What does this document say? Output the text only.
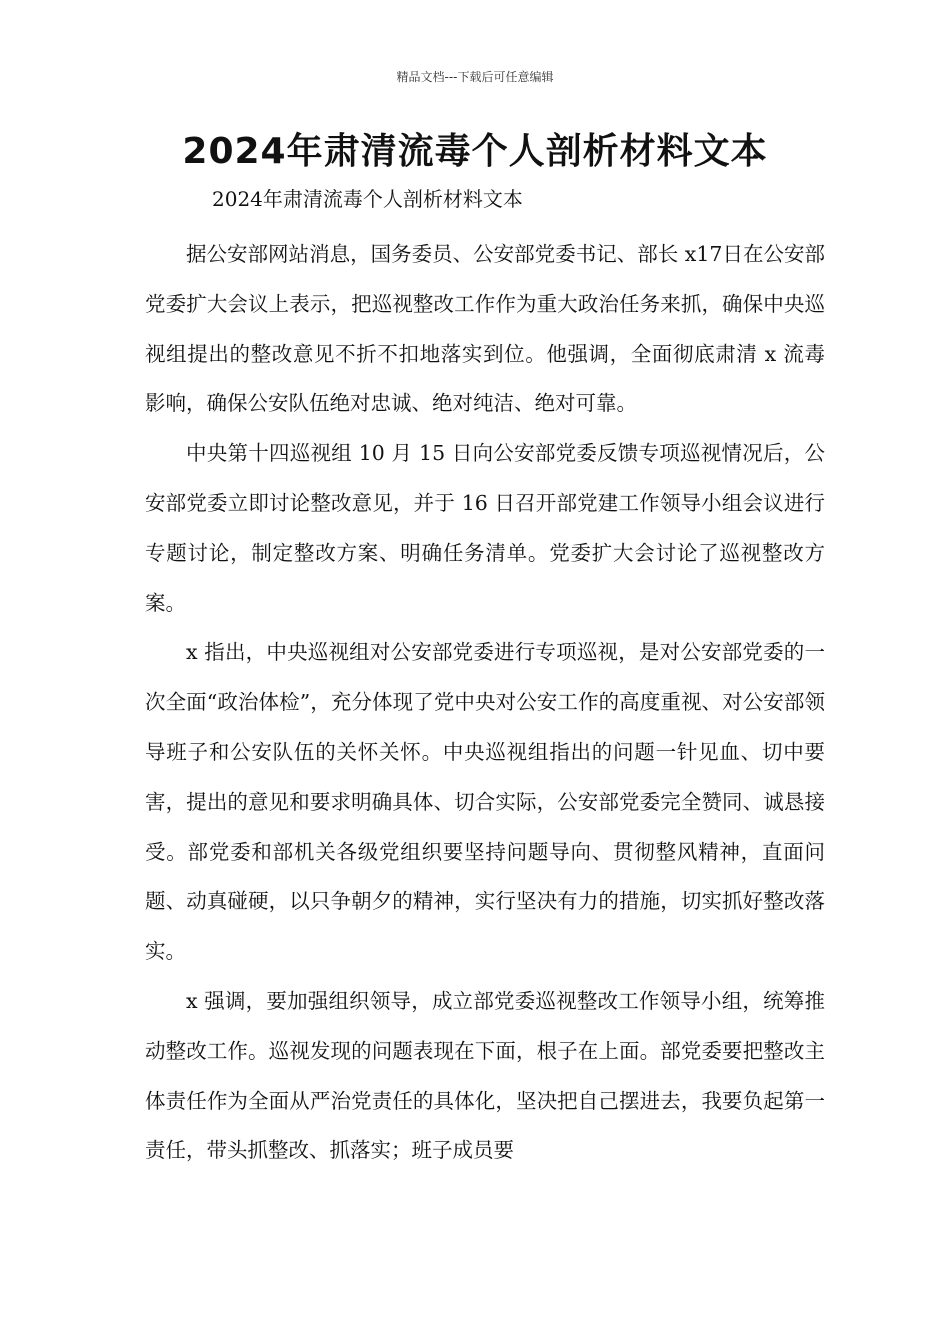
精品文档---下载后可任意编辑
2024年肃清流毒个人剖析材料文本

2024年肃清流毒个人剖析材料文本

据公安部网站消息，国务委员、公安部党委书记、部长 x17日在公安部党委扩大会议上表示，把巡视整改工作作为重大政治任务来抓，确保中央巡视组提出的整改意见不折不扣地落实到位。他强调，全面彻底肃清 x 流毒影响，确保公安队伍绝对忠诚、绝对纯洁、绝对可靠。

中央第十四巡视组 10 月 15 日向公安部党委反馈专项巡视情况后，公安部党委立即讨论整改意见，并于 16 日召开部党建工作领导小组会议进行专题讨论，制定整改方案、明确任务清单。党委扩大会讨论了巡视整改方案。

x 指出，中央巡视组对公安部党委进行专项巡视，是对公安部党委的一次全面“政治体检”，充分体现了党中央对公安工作的高度重视、对公安部领导班子和公安队伍的关怀关怀。中央巡视组指出的问题一针见血、切中要害，提出的意见和要求明确具体、切合实际，公安部党委完全赞同、诚恳接受。部党委和部机关各级党组织要坚持问题导向、贯彻整风精神，直面问题、动真碰硬，以只争朝夕的精神，实行坚决有力的措施，切实抓好整改落实。

x 强调，要加强组织领导，成立部党委巡视整改工作领导小组，统筹推动整改工作。巡视发现的问题表现在下面，根子在上面。部党委要把整改主体责任作为全面从严治党责任的具体化，坚决把自己摆进去，我要负起第一责任，带头抓整改、抓落实；班子成员要
